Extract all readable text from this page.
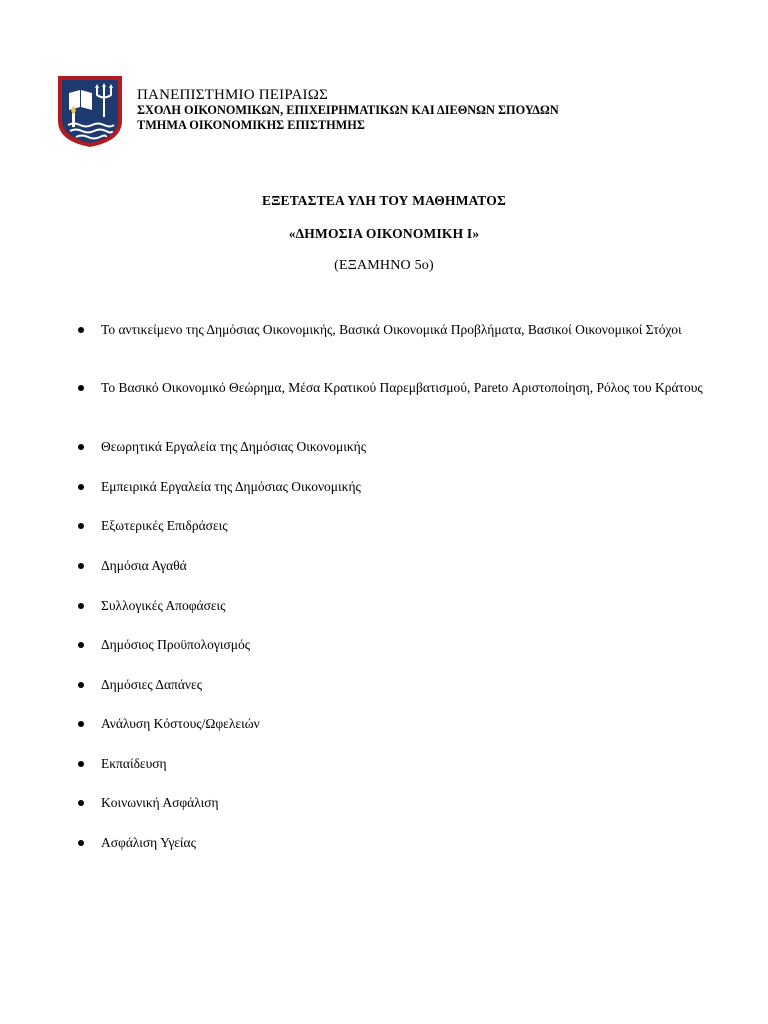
ΠΑΝΕΠΙΣΤΗΜΙΟ ΠΕΙΡΑΙΩΣ
ΣΧΟΛΗ ΟΙΚΟΝΟΜΙΚΩΝ, ΕΠΙΧΕΙΡΗΜΑΤΙΚΩΝ ΚΑΙ ΔΙΕΘΝΩΝ ΣΠΟΥΔΩΝ
ΤΜΗΜΑ ΟΙΚΟΝΟΜΙΚΗΣ ΕΠΙΣΤΗΜΗΣ
ΕΞΕΤΑΣΤΕΑ ΥΛΗ ΤΟΥ ΜΑΘΗΜΑΤΟΣ
«ΔΗΜΟΣΙΑ ΟΙΚΟΝΟΜΙΚΗ Ι»
(ΕΞΑΜΗΝΟ 5ο)
Το αντικείμενο της Δημόσιας Οικονομικής, Βασικά Οικονομικά Προβλήματα, Βασικοί Οικονομικοί Στόχοι
Το Βασικό Οικονομικό Θεώρημα, Μέσα Κρατικού Παρεμβατισμού, Pareto Αριστοποίηση, Ρόλος του Κράτους
Θεωρητικά Εργαλεία της Δημόσιας Οικονομικής
Εμπειρικά Εργαλεία της Δημόσιας Οικονομικής
Εξωτερικές Επιδράσεις
Δημόσια Αγαθά
Συλλογικές Αποφάσεις
Δημόσιος Προϋπολογισμός
Δημόσιες Δαπάνες
Ανάλυση Κόστους/Ωφελειών
Εκπαίδευση
Κοινωνική Ασφάλιση
Ασφάλιση Υγείας
